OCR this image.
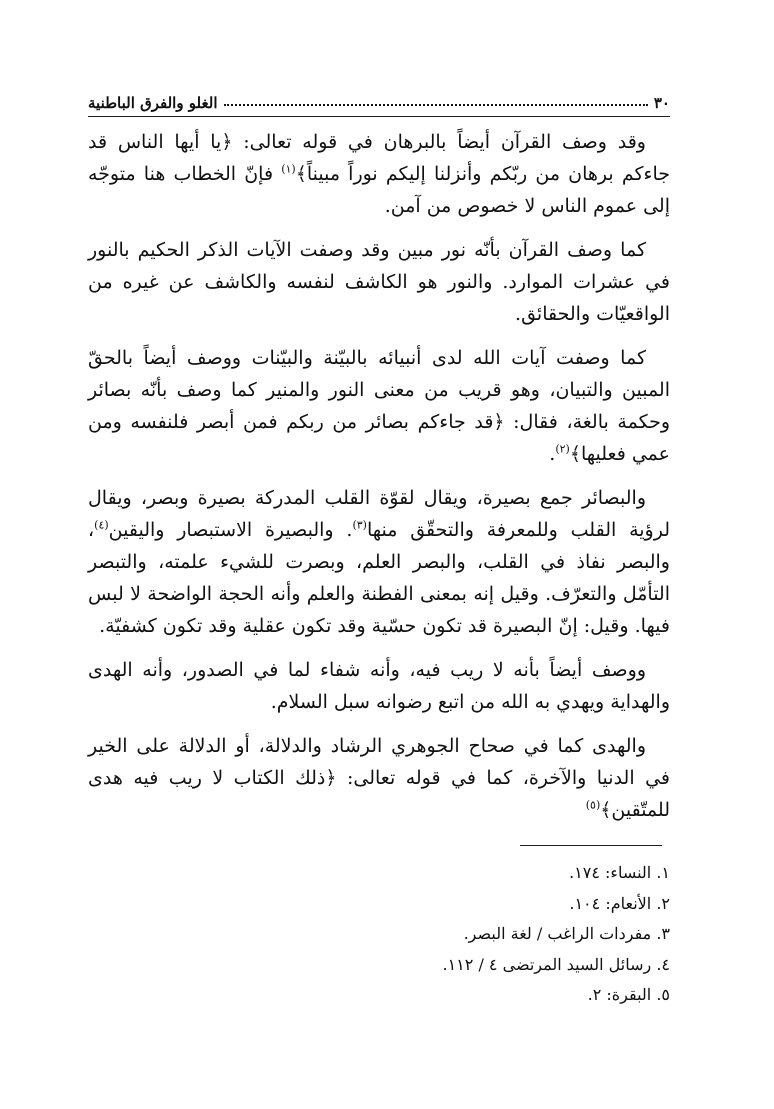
٣٠
الغلو والفرق الباطنية

وقد وصف القرآن أيضاً بالبرهان في قوله تعالى: ﴿يا أيها الناس قد جاءكم برهان من ربّكم وأنزلنا إليكم نوراً مبيناً﴾$^{(١)}$ فإنّ الخطاب هنا متوجّه إلى عموم الناس لا خصوص من آمن.

كما وصف القرآن بأنّه نور مبين وقد وصفت الآيات الذكر الحكيم بالنور في عشرات الموارد. والنور هو الكاشف لنفسه والكاشف عن غيره من الواقعيّات والحقائق.

كما وصفت آيات الله لدى أنبيائه بالبيّنة والبيّنات ووصف أيضاً بالحقّ المبين والتبيان، وهو قريب من معنى النور والمنير كما وصف بأنّه بصائر وحكمة بالغة، فقال: ﴿قد جاءكم بصائر من ربكم فمن أبصر فلنفسه ومن عمي فعليها﴾$^{(٢)}$.

والبصائر جمع بصيرة، ويقال لقوّة القلب المدركة بصيرة وبصر، ويقال لرؤية القلب وللمعرفة والتحقّق منها$^{(٣)}$. والبصيرة الاستبصار واليقين$^{(٤)}$، والبصر نفاذ في القلب، والبصر العلم، وبصرت للشيء علمته، والتبصر التأمّل والتعرّف. وقيل إنه بمعنى الفطنة والعلم وأنه الحجة الواضحة لا لبس فيها. وقيل: إنّ البصيرة قد تكون حسّية وقد تكون عقلية وقد تكون كشفيّة.

ووصف أيضاً بأنه لا ريب فيه، وأنه شفاء لما في الصدور، وأنه الهدى والهداية ويهدي به الله من اتبع رضوانه سبل السلام.

والهدى كما في صحاح الجوهري الرشاد والدلالة، أو الدلالة على الخير في الدنيا والآخرة، كما في قوله تعالى: ﴿ذلك الكتاب لا ريب فيه هدى للمتّقين﴾$^{(٥)}$

١. النساء: ١٧٤.
٢. الأنعام: ١٠٤.
٣. مفردات الراغب / لغة البصر.
٤. رسائل السيد المرتضى ٤ / ١١٢.
٥. البقرة: ٢.
